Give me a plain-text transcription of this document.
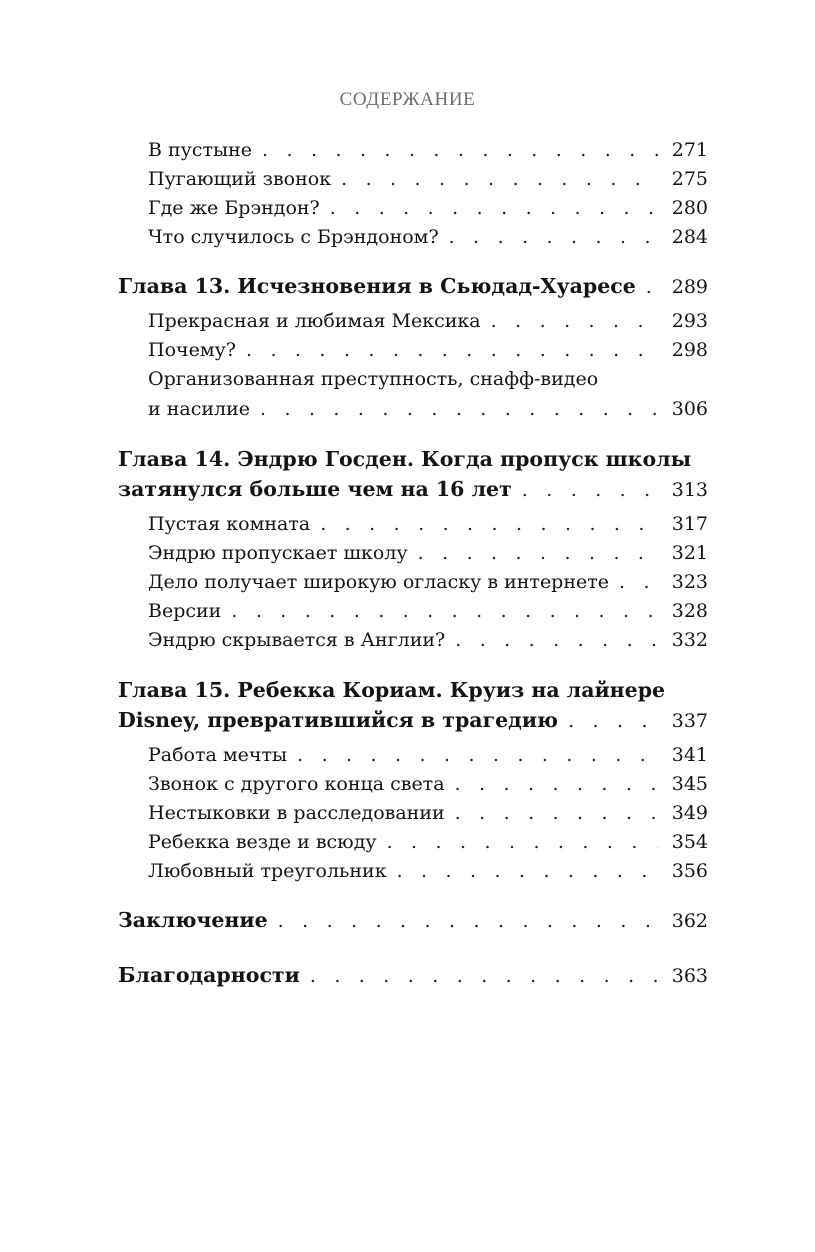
СОДЕРЖАНИЕ
В пустыне . . .	271
Пугающий звонок . . .	275
Где же Брэндон? . . .	280
Что случилось с Брэндоном? . . .	284
Глава 13. Исчезновения в Сьюдад-Хуаресе . . .	289
Прекрасная и любимая Мексика . . .	293
Почему? . . .	298
Организованная преступность, снафф-видео
и насилие . . .	306
Глава 14. Эндрю Госден. Когда пропуск школы
затянулся больше чем на 16 лет . . .	313
Пустая комната . . .	317
Эндрю пропускает школу . . .	321
Дело получает широкую огласку в интернете . . .	323
Версии . . .	328
Эндрю скрывается в Англии? . . .	332
Глава 15. Ребекка Кориам. Круиз на лайнере
Disney, превратившийся в трагедию . . .	337
Работа мечты . . .	341
Звонок с другого конца света . . .	345
Нестыковки в расследовании . . .	349
Ребекка везде и всюду . . .	354
Любовный треугольник . . .	356
Заключение . . .	362
Благодарности . . .	363
